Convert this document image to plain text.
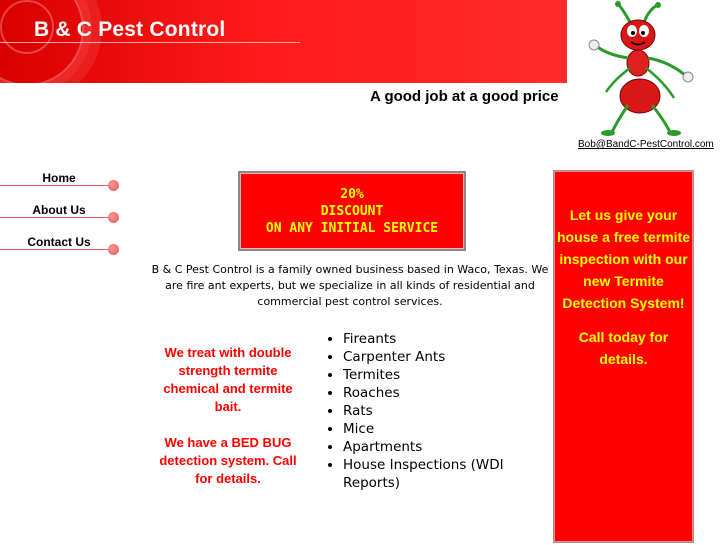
B & C Pest Control
A good job at a good price
Bob@BandC-PestControl.com
Home
About Us
Contact Us
20%
DISCOUNT
ON ANY INITIAL SERVICE
B & C Pest Control is a family owned business based in Waco, Texas. We are fire ant experts, but we specialize in all kinds of residential and commercial pest control services.

We treat with double strength termite chemical and termite bait.

We have a BED BUG detection system. Call for details.

• Fireants
• Carpenter Ants
• Termites
• Roaches
• Rats
• Mice
• Apartments
• House Inspections (WDI Reports)

Let us give your house a free termite inspection with our new Termite Detection System!

Call today for details.
